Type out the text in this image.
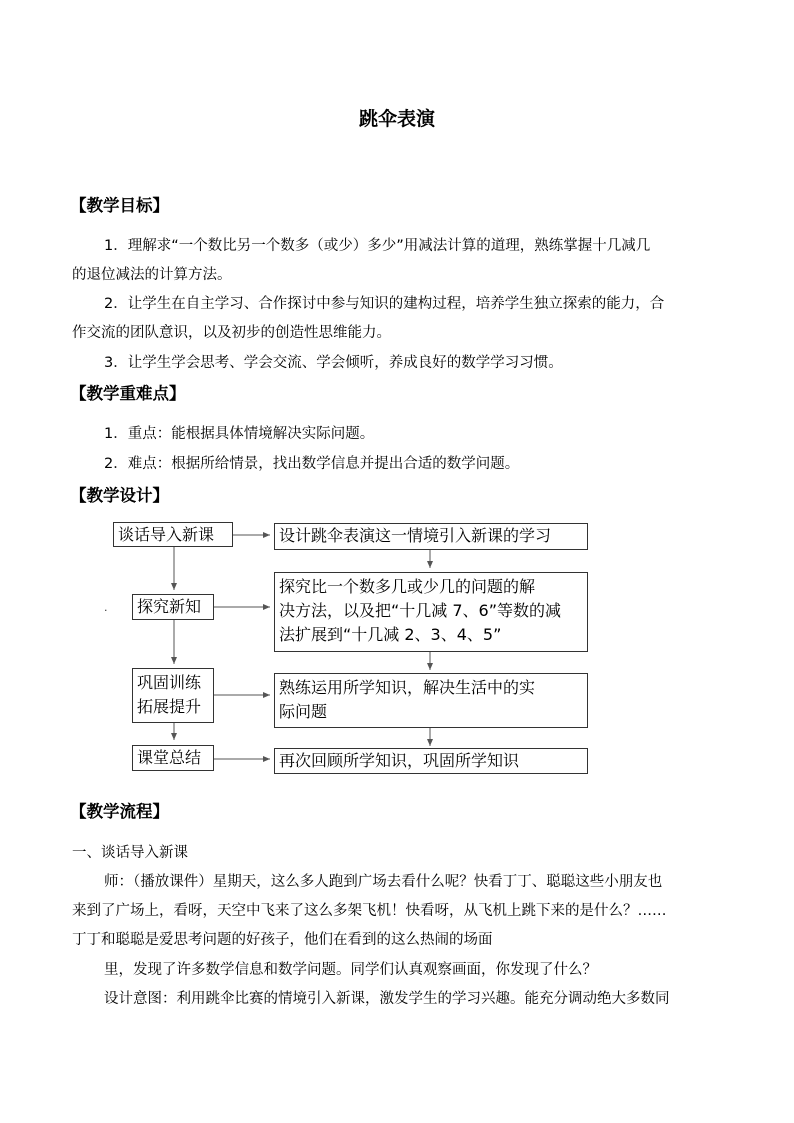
跳伞表演
【教学目标】
1．理解求“一个数比另一个数多（或少）多少”用减法计算的道理，熟练掌握十几减几
的退位减法的计算方法。
2．让学生在自主学习、合作探讨中参与知识的建构过程，培养学生独立探索的能力，合
作交流的团队意识，以及初步的创造性思维能力。
3．让学生学会思考、学会交流、学会倾听，养成良好的数学学习习惯。
【教学重难点】
1．重点：能根据具体情境解决实际问题。
2．难点：根据所给情景，找出数学信息并提出合适的数学问题。
【教学设计】
·
谈话导入新课
探究新知
巩固训练
拓展提升
课堂总结
设计跳伞表演这一情境引入新课的学习
探究比一个数多几或少几的问题的解
决方法，以及把“十几减 7、6”等数的减
法扩展到“十几减 2、3、4、5”
熟练运用所学知识，解决生活中的实
际问题
再次回顾所学知识，巩固所学知识
【教学流程】
一、谈话导入新课
师：（播放课件）星期天，这么多人跑到广场去看什么呢？快看丁丁、聪聪这些小朋友也
来到了广场上，看呀，天空中飞来了这么多架飞机！快看呀，从飞机上跳下来的是什么？……
丁丁和聪聪是爱思考问题的好孩子，他们在看到的这么热闹的场面
里，发现了许多数学信息和数学问题。同学们认真观察画面，你发现了什么？
设计意图：利用跳伞比赛的情境引入新课，激发学生的学习兴趣。能充分调动绝大多数同
